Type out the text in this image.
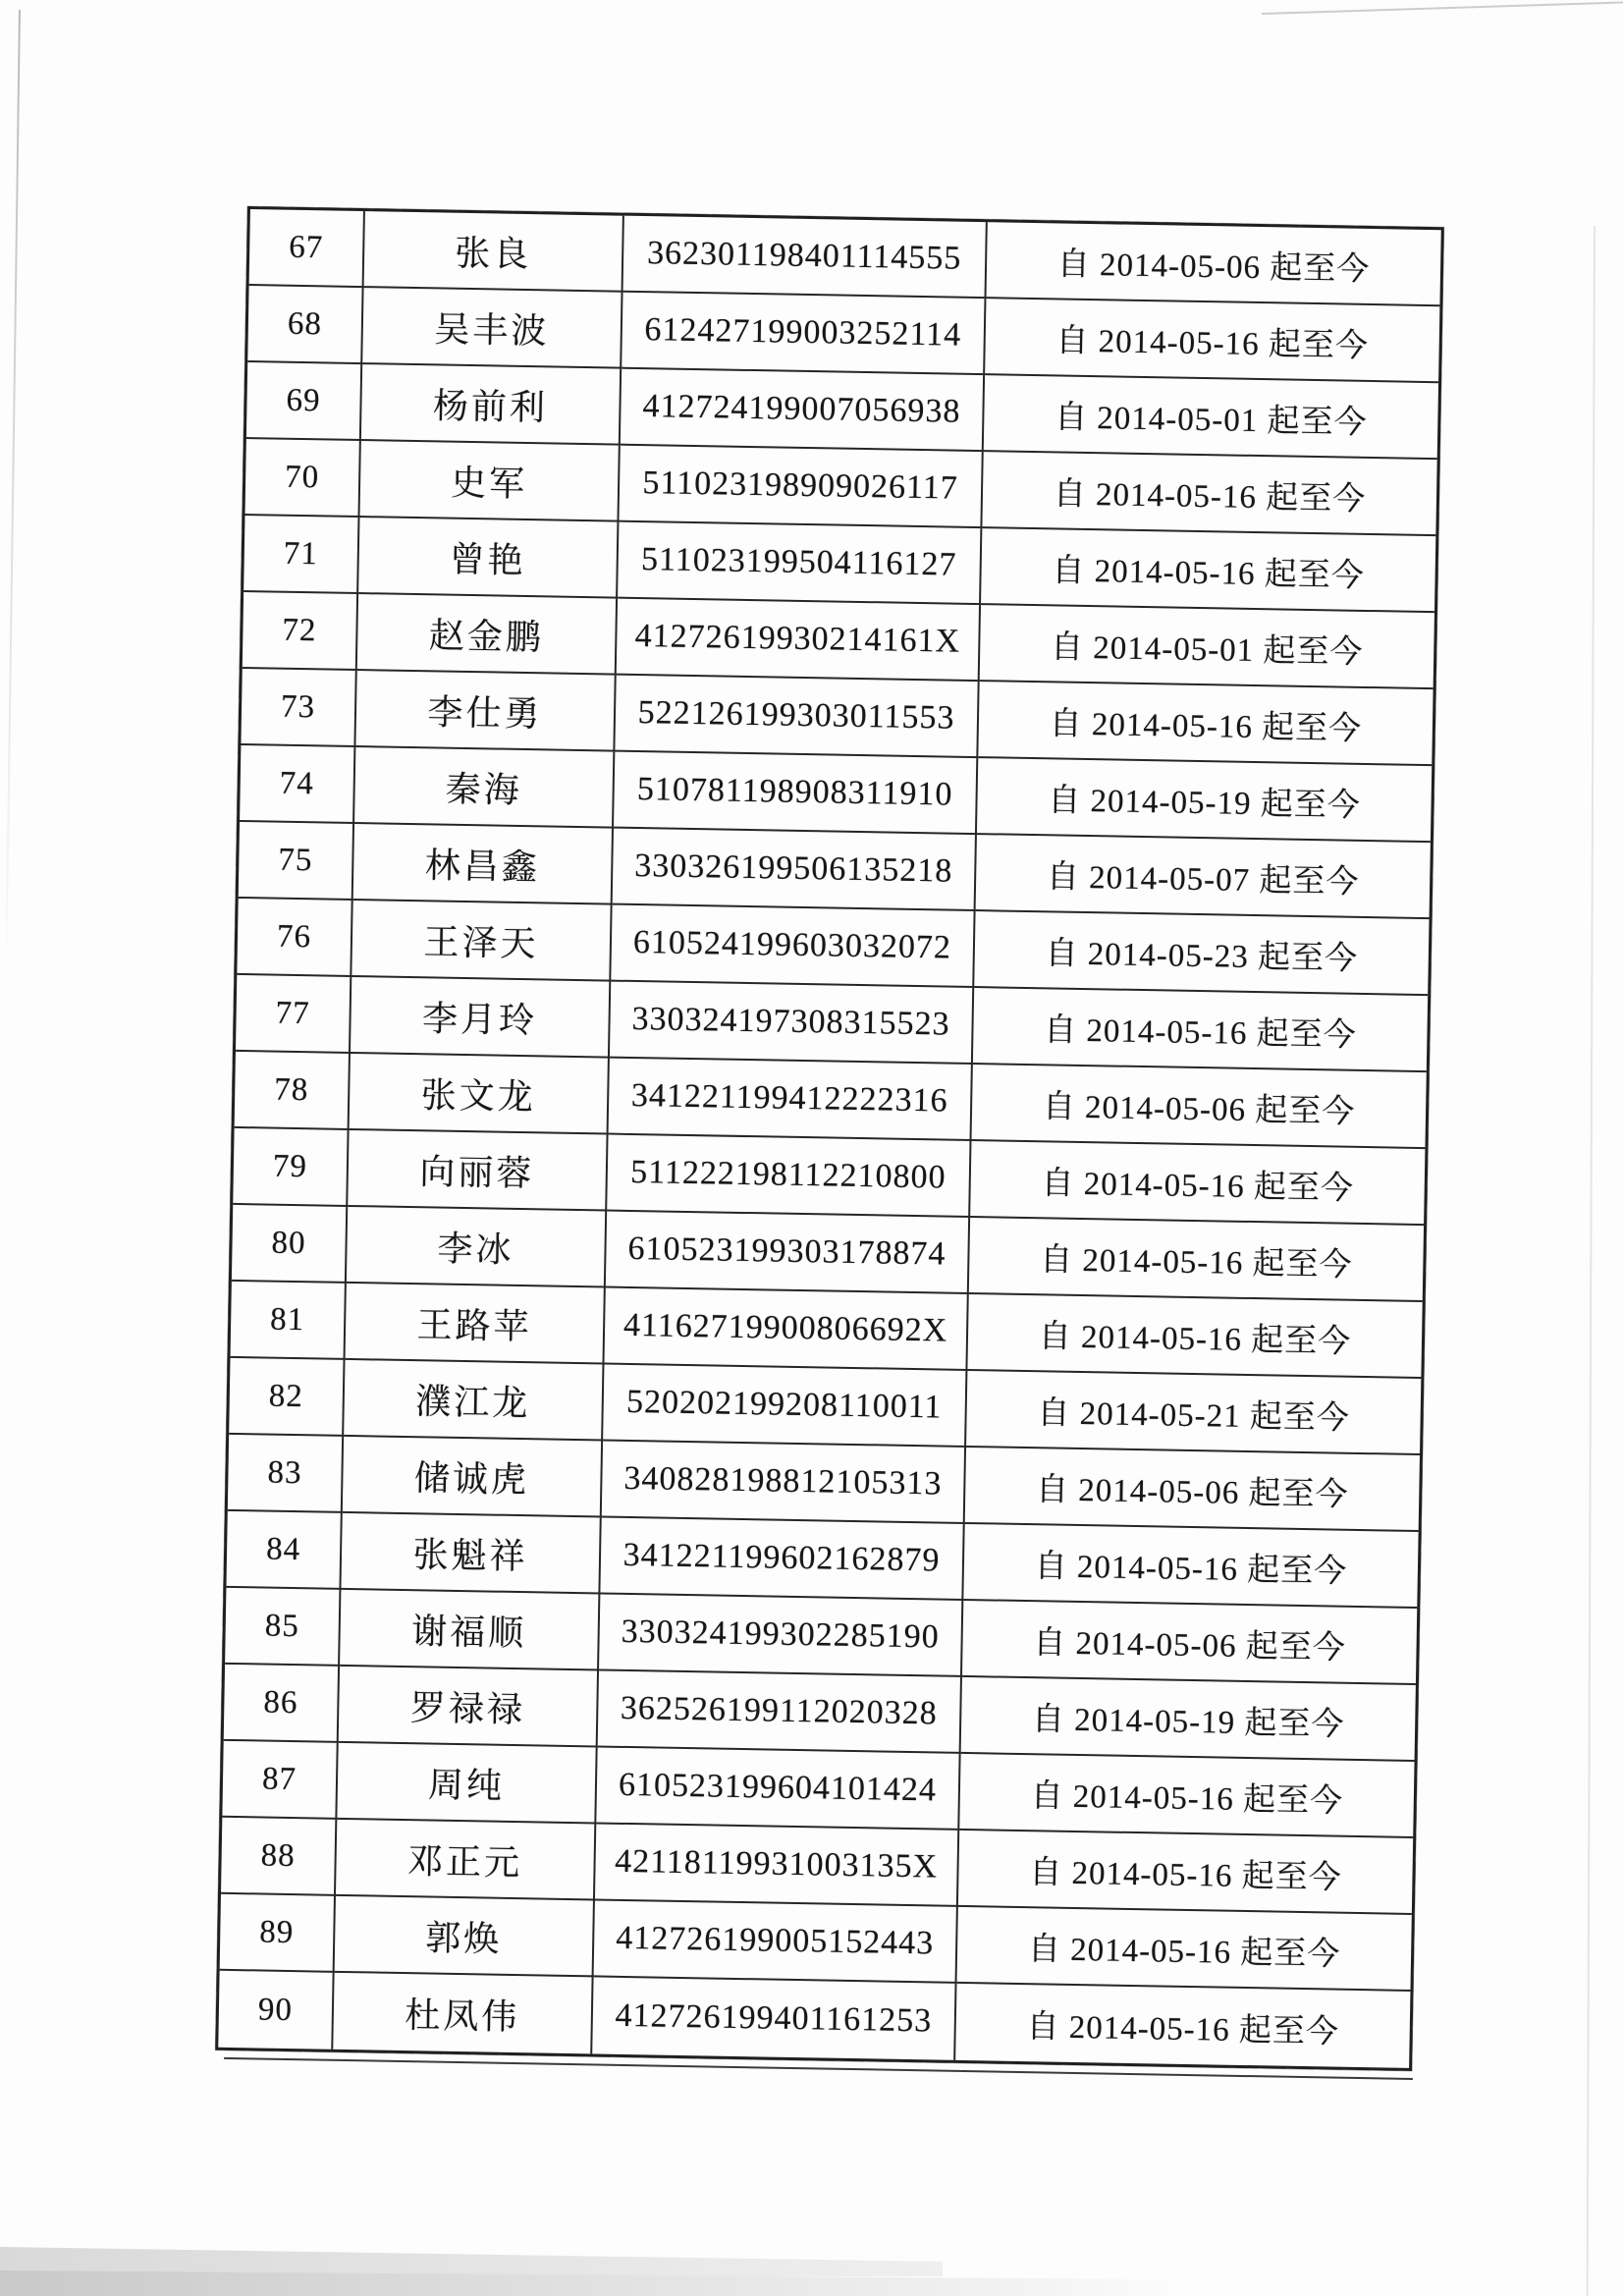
67	张良	362301198401114555	自 2014-05-06 起至今
68	吴丰波	612427199003252114	自 2014-05-16 起至今
69	杨前利	412724199007056938	自 2014-05-01 起至今
70	史军	511023198909026117	自 2014-05-16 起至今
71	曾艳	511023199504116127	自 2014-05-16 起至今
72	赵金鹏	41272619930214161X	自 2014-05-01 起至今
73	李仕勇	522126199303011553	自 2014-05-16 起至今
74	秦海	510781198908311910	自 2014-05-19 起至今
75	林昌鑫	330326199506135218	自 2014-05-07 起至今
76	王泽天	610524199603032072	自 2014-05-23 起至今
77	李月玲	330324197308315523	自 2014-05-16 起至今
78	张文龙	341221199412222316	自 2014-05-06 起至今
79	向丽蓉	511222198112210800	自 2014-05-16 起至今
80	李冰	610523199303178874	自 2014-05-16 起至今
81	王路苹	41162719900806692X	自 2014-05-16 起至今
82	濮江龙	520202199208110011	自 2014-05-21 起至今
83	储诚虎	340828198812105313	自 2014-05-06 起至今
84	张魁祥	341221199602162879	自 2014-05-16 起至今
85	谢福顺	330324199302285190	自 2014-05-06 起至今
86	罗禄禄	362526199112020328	自 2014-05-19 起至今
87	周纯	610523199604101424	自 2014-05-16 起至今
88	邓正元	42118119931003135X	自 2014-05-16 起至今
89	郭焕	412726199005152443	自 2014-05-16 起至今
90	杜凤伟	412726199401161253	自 2014-05-16 起至今
